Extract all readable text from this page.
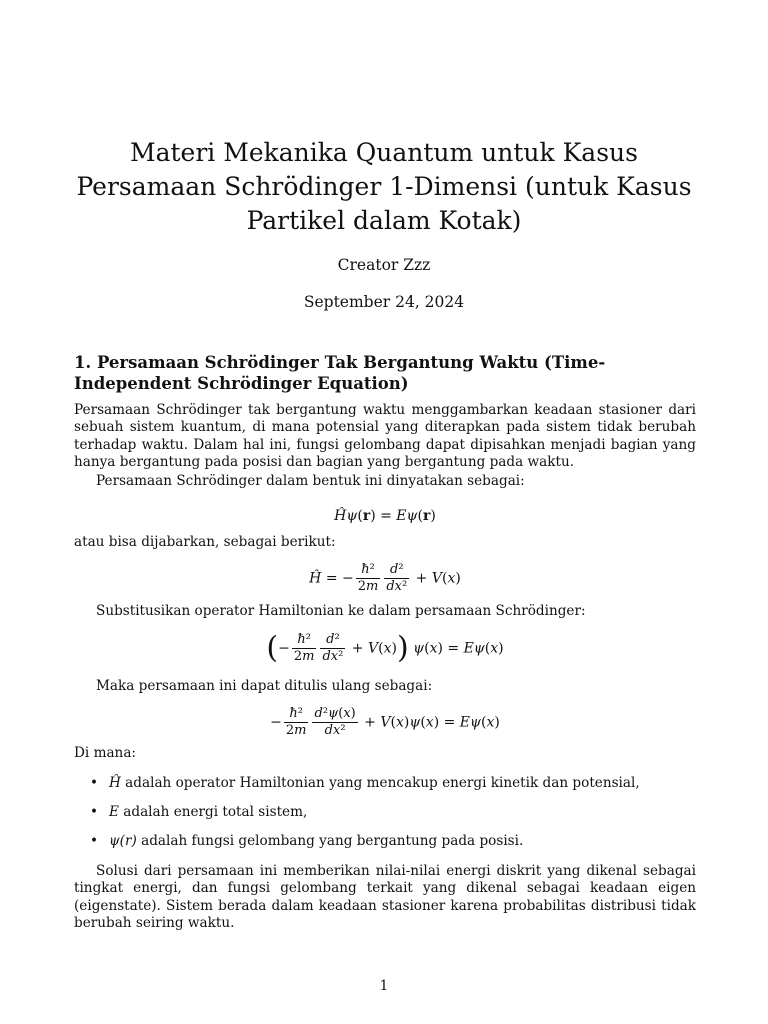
Materi Mekanika Quantum untuk Kasus Persamaan Schrödinger 1-Dimensi (untuk Kasus Partikel dalam Kotak)
Creator Zzz
September 24, 2024
1. Persamaan Schrödinger Tak Bergantung Waktu (Time-Independent Schrödinger Equation)

Persamaan Schrödinger tak bergantung waktu menggambarkan keadaan stasioner dari sebuah sistem kuantum, di mana potensial yang diterapkan pada sistem tidak berubah terhadap waktu. Dalam hal ini, fungsi gelombang dapat dipisahkan menjadi bagian yang hanya bergantung pada posisi dan bagian yang bergantung pada waktu.

Persamaan Schrödinger dalam bentuk ini dinyatakan sebagai:

Ĥψ(r) = Eψ(r)

atau bisa dijabarkan, sebagai berikut:

Ĥ = − $\frac{\text{ħ²}}{2m} \frac{\text{d²}}{\text{dx²}} + V(x)$

Substitusikan operator Hamiltonian ke dalam persamaan Schrödinger:

(− $\frac{\text{ħ²}}{2m} \frac{\text{d²}}{\text{dx²}} + V(x)$) ψ(x) = Eψ(x)

Maka persamaan ini dapat ditulis ulang sebagai:

− $\frac{\text{ħ²}}{2m} \frac{\text{d²ψ(x)}}{\text{dx²}} + V(x)\psi(x) = E\psi(x)$

Di mana:

• Ĥ adalah operator Hamiltonian yang mencakup energi kinetik dan potensial,
• E adalah energi total sistem,
• ψ(r) adalah fungsi gelombang yang bergantung pada posisi.

Solusi dari persamaan ini memberikan nilai-nilai energi diskrit yang dikenal sebagai tingkat energi, dan fungsi gelombang terkait yang dikenal sebagai keadaan eigen (eigenstate). Sistem berada dalam keadaan stasioner karena probabilitas distribusi tidak berubah seiring waktu.

1
